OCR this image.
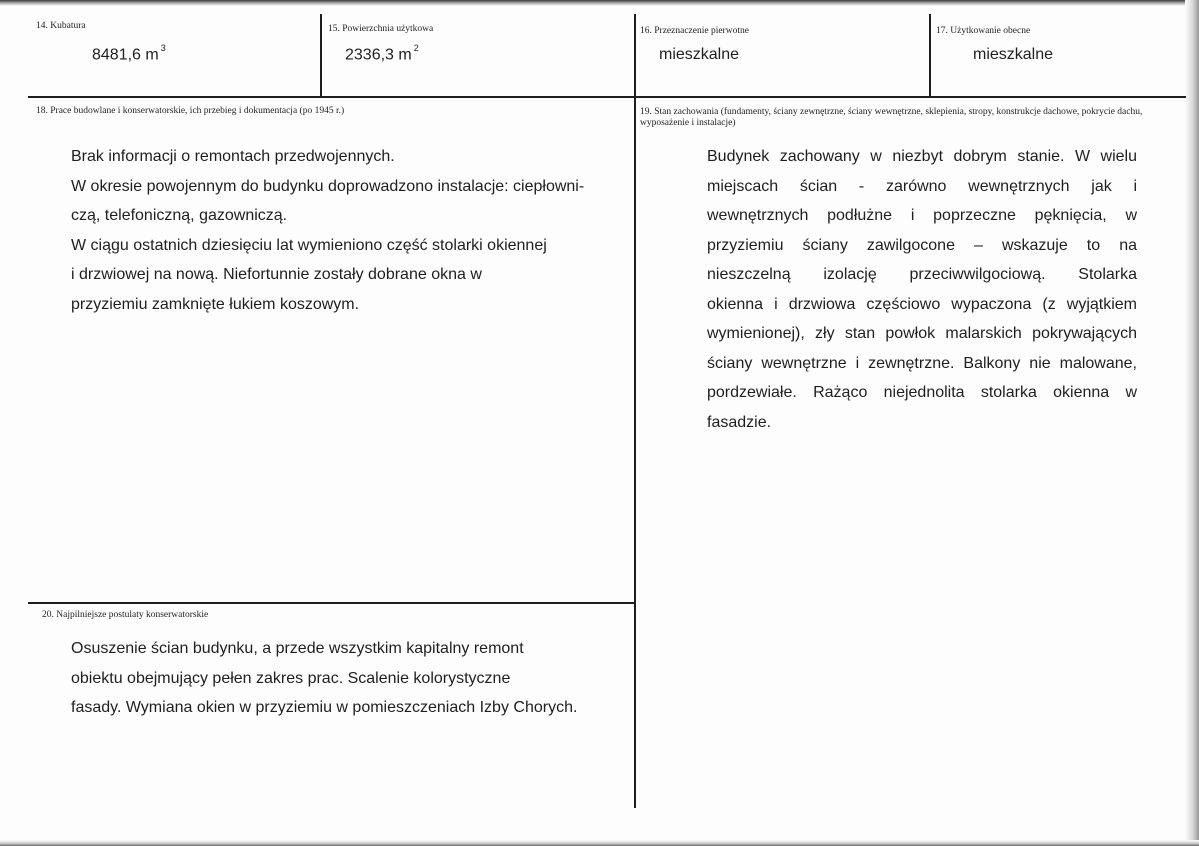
14. Kubatura
8481,6 m $^3$
15. Powierzchnia użytkowa
2336,3 m $^2$
16. Przeznaczenie pierwotne
mieszkalne
17. Użytkowanie obecne
mieszkalne
18. Prace budowlane i konserwatorskie, ich przebieg i dokumentacja (po 1945 r.)
Brak informacji o remontach przedwojennych.
W okresie powojennym do budynku doprowadzono instalacje: ciepłowni-
czą, telefoniczną, gazowniczą.
W ciągu ostatnich dziesięciu lat wymieniono część stolarki okiennej
i drzwiowej na nową. Niefortunnie zostały dobrane okna w
przyziemiu zamknięte łukiem koszowym.
19. Stan zachowania (fundamenty, ściany zewnętrzne, ściany wewnętrzne, sklepienia, stropy, konstrukcje dachowe, pokrycie dachu, wyposażenie i instalacje)
Budynek zachowany w niezbyt dobrym stanie. W wielu
miejscach ścian - zarówno wewnętrznych jak i
wewnętrznych podłużne i poprzeczne pęknięcia, w
przyziemiu ściany zawilgocone – wskazuje to na
nieszczelną izolację przeciwwilgociową. Stolarka
okienna i drzwiowa częściowo wypaczona (z wyjątkiem
wymienionej), zły stan powłok malarskich pokrywających
ściany wewnętrzne i zewnętrzne. Balkony nie malowane,
pordzewiałe. Rażąco niejednolita stolarka okienna w
fasadzie.
20. Najpilniejsze postulaty konserwatorskie
Osuszenie ścian budynku, a przede wszystkim kapitalny remont
obiektu obejmujący pełen zakres prac. Scalenie kolorystyczne
fasady. Wymiana okien w przyziemiu w pomieszczeniach Izby Chorych.
